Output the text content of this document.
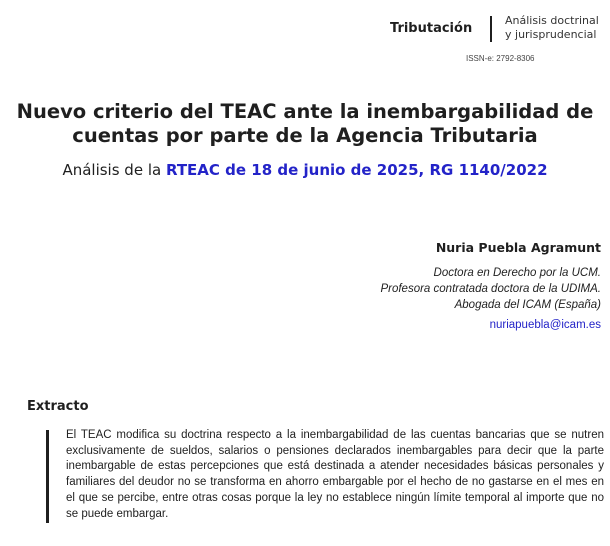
Tributación
Análisis doctrinal
y jurisprudencial
ISSN-e: 2792-8306
Nuevo criterio del TEAC ante la inembargabilidad de cuentas por parte de la Agencia Tributaria
Análisis de la RTEAC de 18 de junio de 2025, RG 1140/2022
Nuria Puebla Agramunt
Doctora en Derecho por la UCM.
Profesora contratada doctora de la UDIMA.
Abogada del ICAM (España)
nuriapuebla@icam.es
Extracto
El TEAC modifica su doctrina respecto a la inembargabilidad de las cuentas bancarias que se nutren exclusivamente de sueldos, salarios o pensiones declarados inembargables para decir que la parte inembargable de estas percepciones que está destinada a atender necesidades básicas personales y familiares del deudor no se transforma en ahorro embargable por el hecho de no gastarse en el mes en el que se percibe, entre otras cosas porque la ley no establece ningún límite temporal al importe que no se puede embargar.
